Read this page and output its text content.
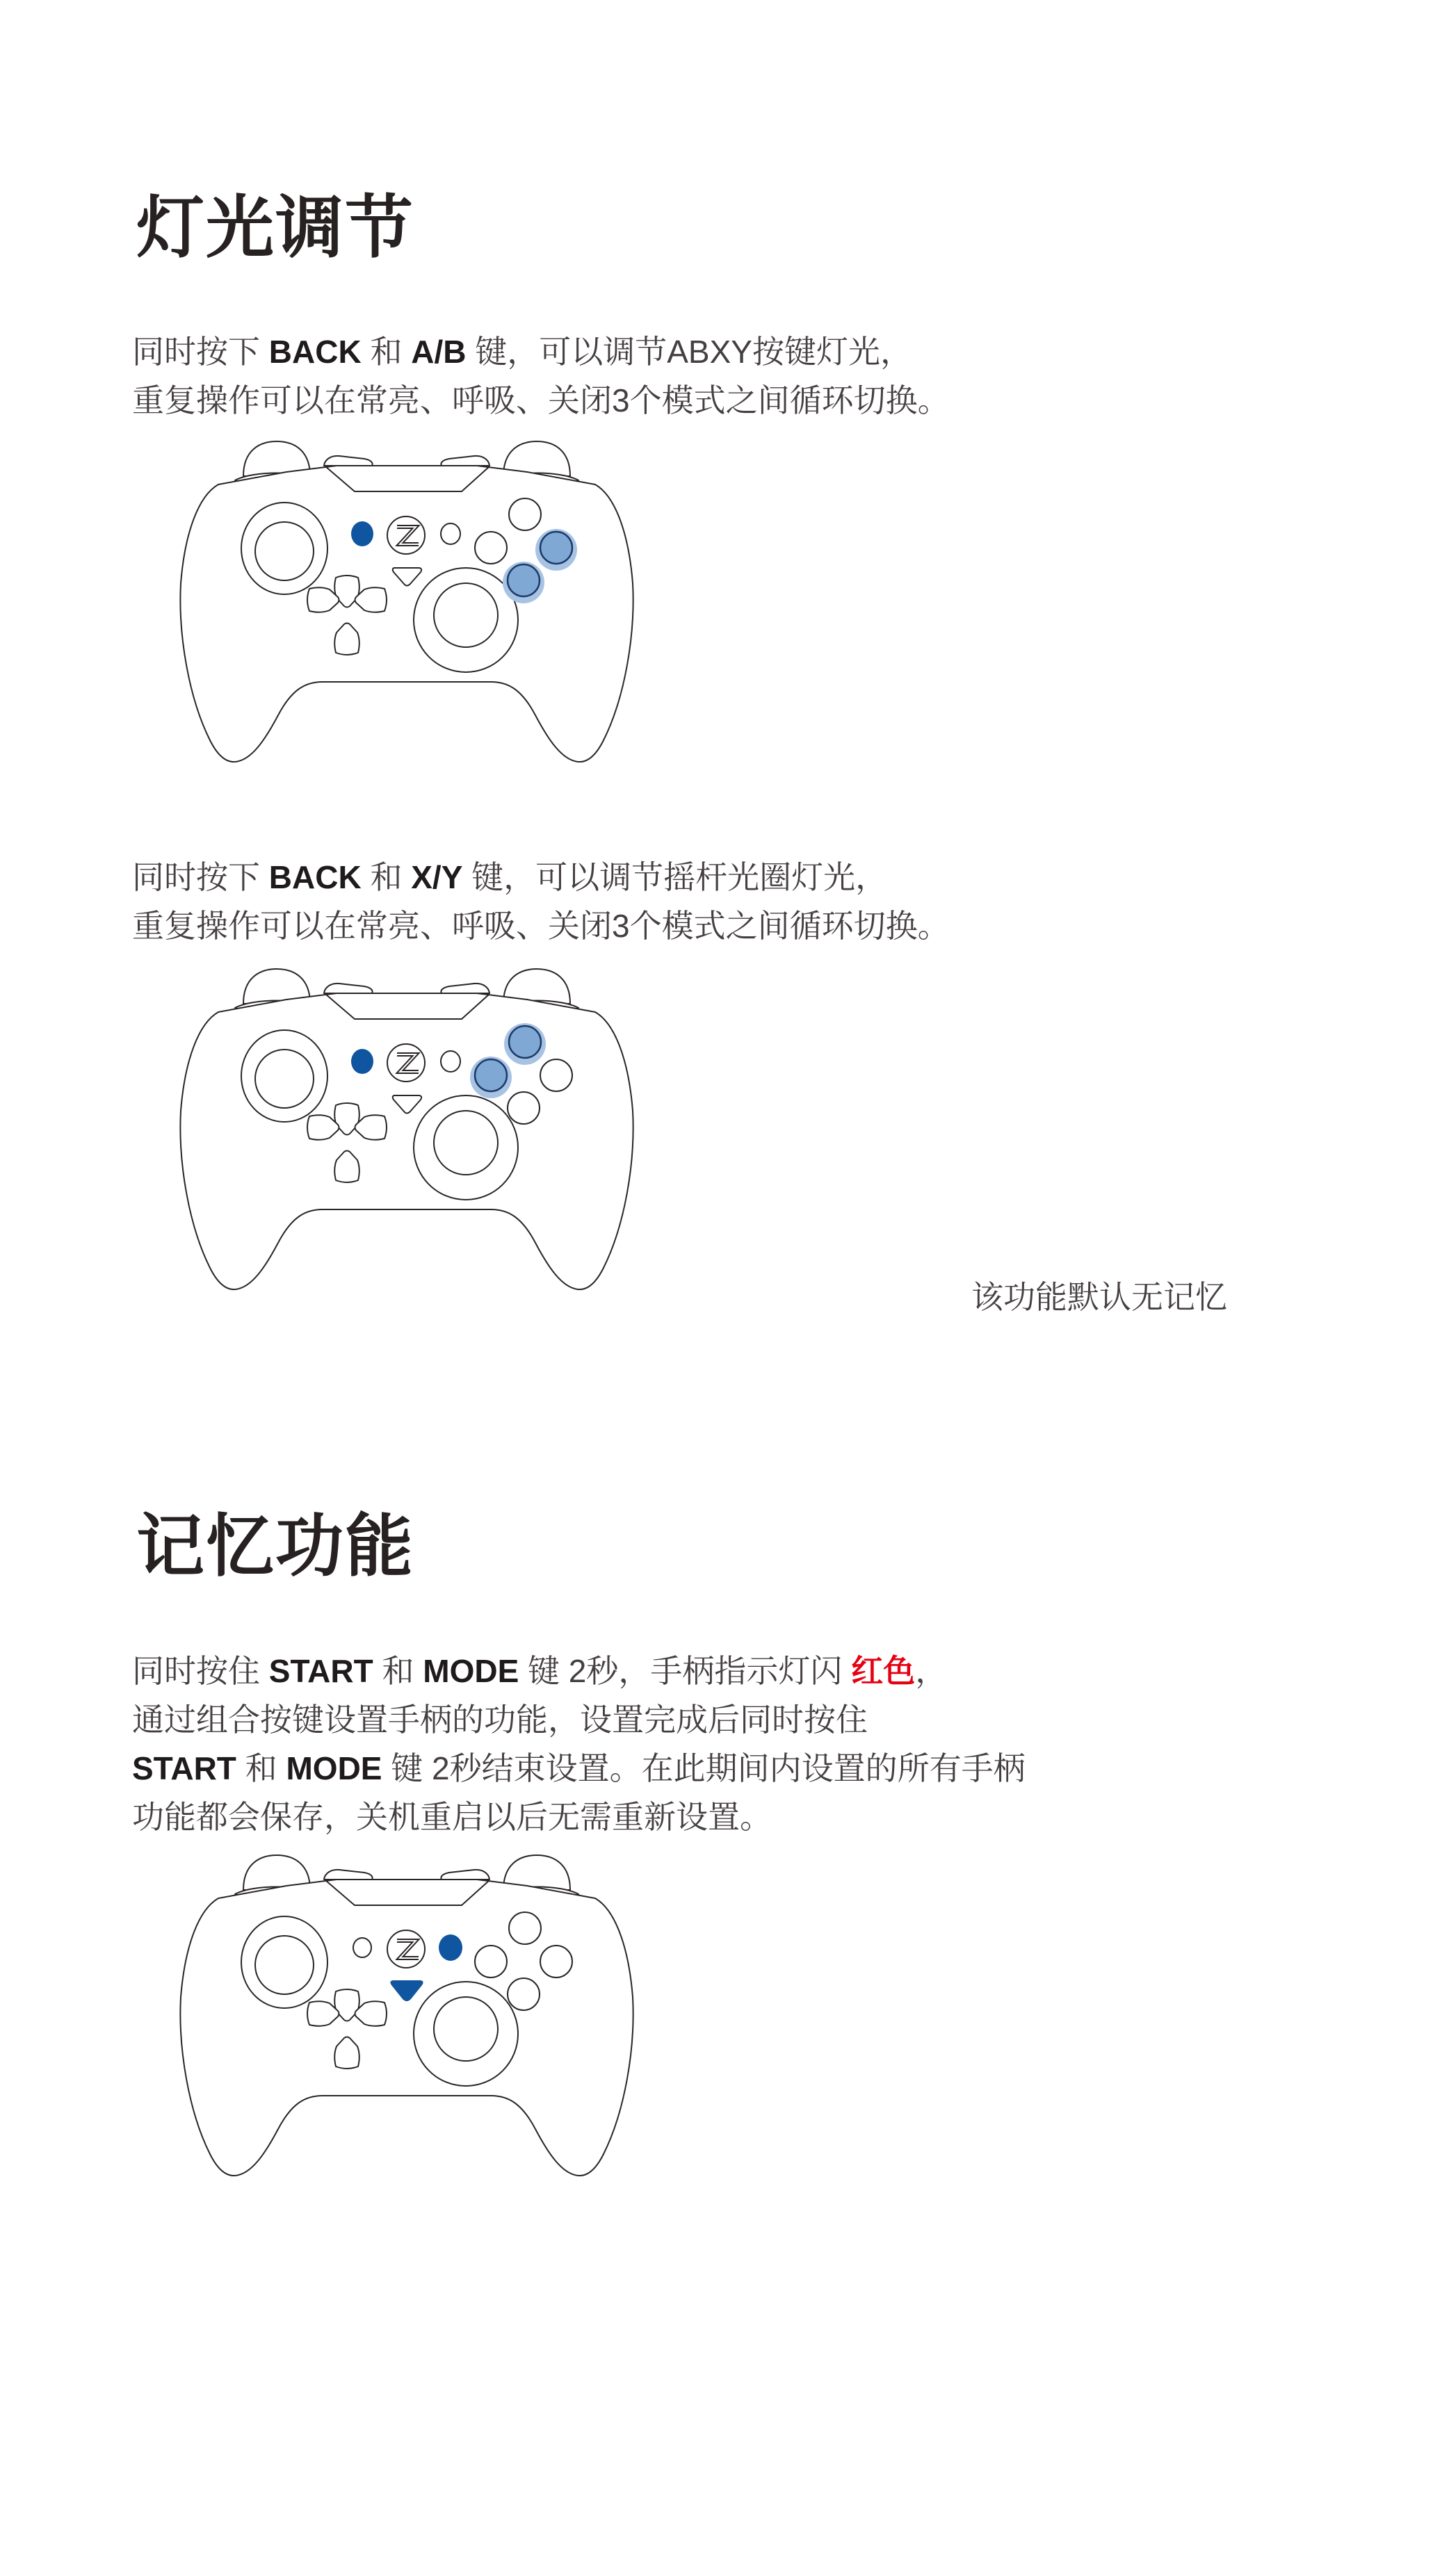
灯光调节

同时按下 BACK 和 A/B 键，可以调节ABXY按键灯光，
重复操作可以在常亮、呼吸、关闭3个模式之间循环切换。

同时按下 BACK 和 X/Y 键，可以调节摇杆光圈灯光，
重复操作可以在常亮、呼吸、关闭3个模式之间循环切换。

该功能默认无记忆

记忆功能

同时按住 START 和 MODE 键 2秒，手柄指示灯闪 红色，
通过组合按键设置手柄的功能，设置完成后同时按住
START 和 MODE 键 2秒结束设置。在此期间内设置的所有手柄
功能都会保存，关机重启以后无需重新设置。
